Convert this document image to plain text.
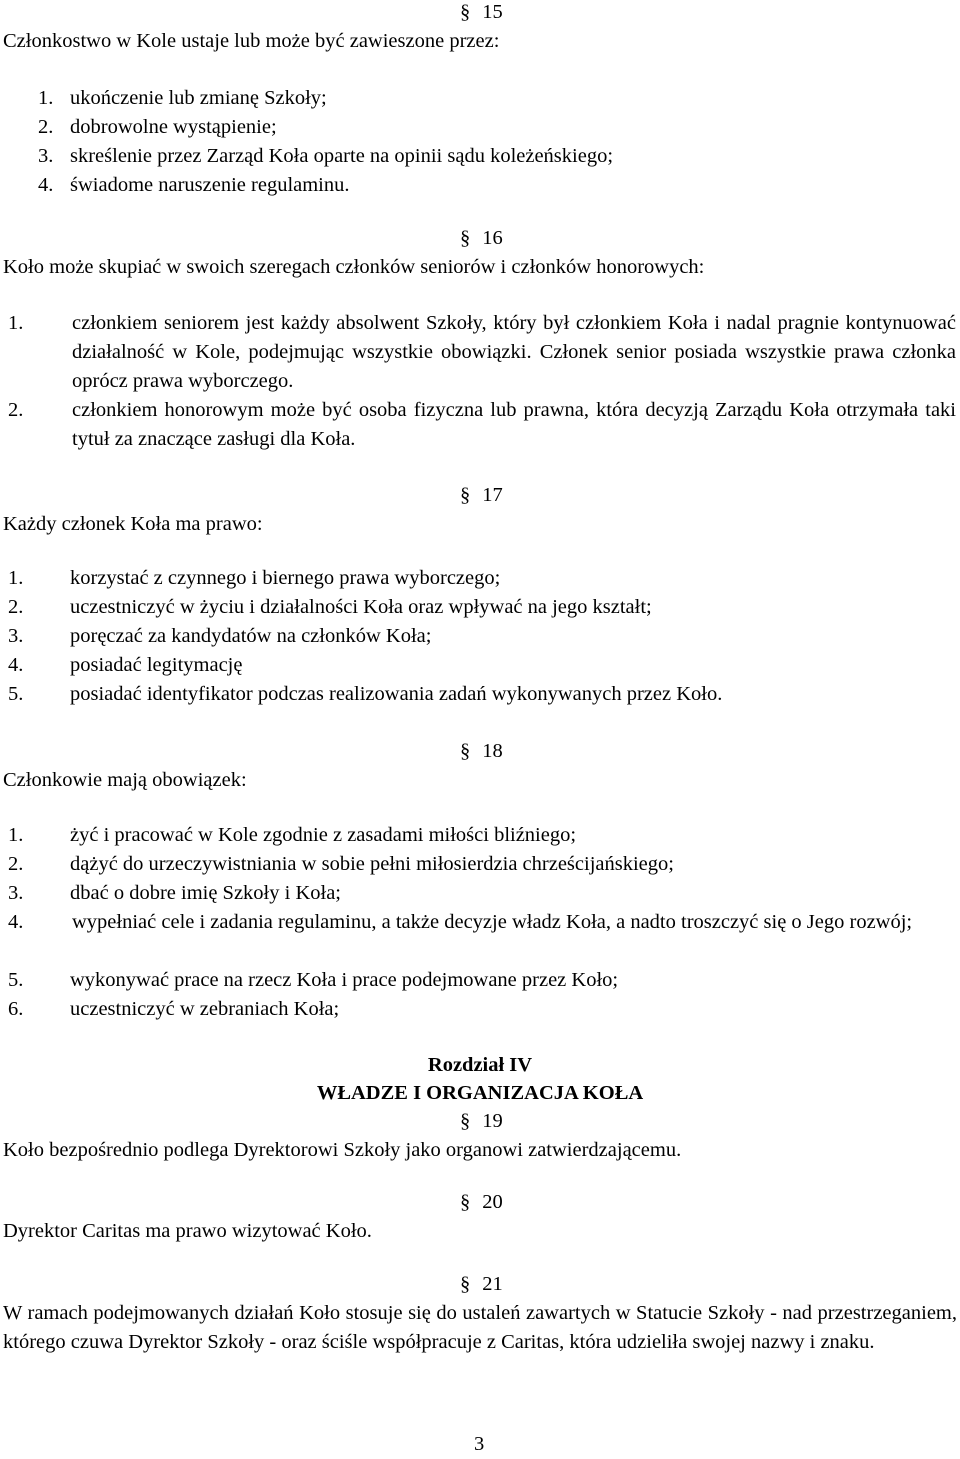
§ 15
Członkostwo w Kole ustaje lub może być zawieszone przez:
1. ukończenie lub zmianę Szkoły;
2. dobrowolne wystąpienie;
3. skreślenie przez Zarząd Koła oparte na opinii sądu koleżeńskiego;
4. świadome naruszenie regulaminu.
§ 16
Koło może skupiać w swoich szeregach członków seniorów i członków honorowych:
1.	członkiem seniorem jest każdy absolwent Szkoły, który był członkiem Koła i nadal pragnie kontynuować działalność w Kole, podejmując wszystkie obowiązki. Członek senior posiada wszystkie prawa członka oprócz prawa wyborczego.
2.	członkiem honorowym może być osoba fizyczna lub prawna, która decyzją Zarządu Koła otrzymała taki tytuł za znaczące zasługi dla Koła.
§ 17
Każdy członek Koła ma prawo:
1. korzystać z czynnego i biernego prawa wyborczego;
2. uczestniczyć w życiu i działalności Koła oraz wpływać na jego kształt;
3. poręczać za kandydatów na członków Koła;
4. posiadać legitymację
5. posiadać identyfikator podczas realizowania zadań wykonywanych przez Koło.
§ 18
Członkowie mają obowiązek:
1. żyć i pracować w Kole zgodnie z zasadami miłości bliźniego;
2. dążyć do urzeczywistniania w sobie pełni miłosierdzia chrześcijańskiego;
3. dbać o dobre imię Szkoły i Koła;
4.	wypełniać cele i zadania regulaminu, a także decyzje władz Koła, a nadto troszczyć się o Jego rozwój;
5. wykonywać prace na rzecz Koła i prace podejmowane przez Koło;
6. uczestniczyć w zebraniach Koła;
Rozdział IV
WŁADZE I ORGANIZACJA KOŁA
§ 19
Koło bezpośrednio podlega Dyrektorowi Szkoły jako organowi zatwierdzającemu.
§ 20
Dyrektor Caritas ma prawo wizytować Koło.
§ 21
W ramach podejmowanych działań Koło stosuje się do ustaleń zawartych w Statucie Szkoły - nad przestrzeganiem, którego czuwa Dyrektor Szkoły - oraz ściśle współpracuje z Caritas, która udzieliła swojej nazwy i znaku.
3
